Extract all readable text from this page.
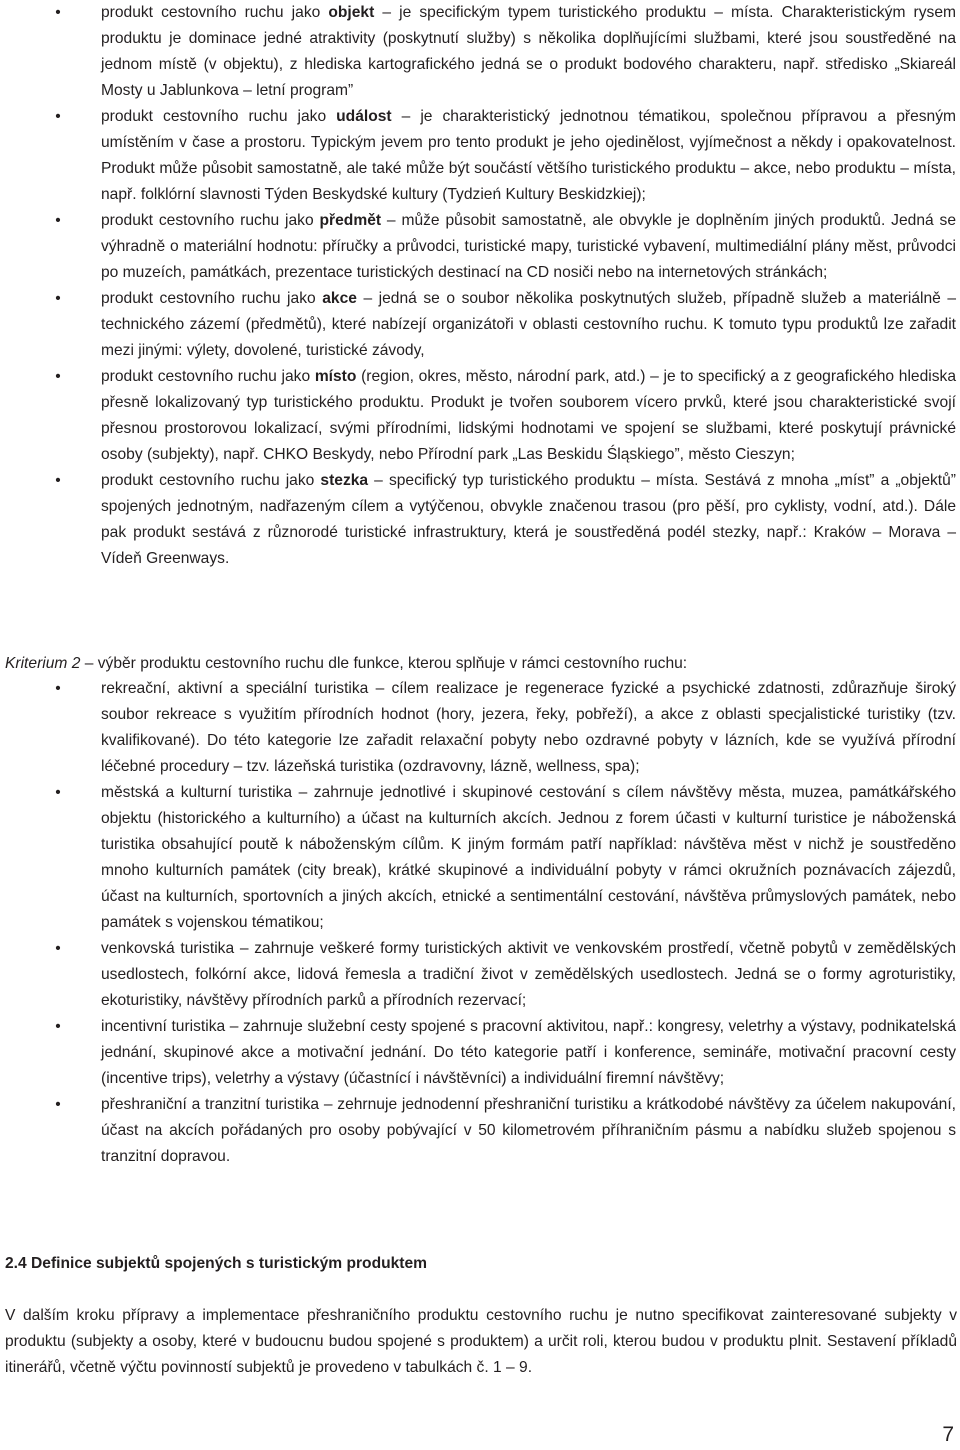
•	produkt cestovního ruchu jako objekt – je specifickým typem turistického produktu – místa. Charakteristickým rysem produktu je dominace jedné atraktivity (poskytnutí služby) s několika doplňujícími službami, které jsou soustředěné na jednom místě (v objektu), z hlediska kartografického jedná se o produkt bodového charakteru, např. středisko „Skiareál Mosty u Jablunkova – letní program”
•	produkt cestovního ruchu jako událost – je charakteristický jednotnou tématikou, společnou přípravou a přesným umístěním v čase a prostoru. Typickým jevem pro tento produkt je jeho ojedinělost, vyjímečnost a někdy i opakovatelnost. Produkt může působit samostatně, ale také může být součástí většího turistického produktu – akce, nebo produktu – místa, např. folklórní slavnosti Týden Beskydské kultury (Tydzień Kultury Beskidzkiej);
•	produkt cestovního ruchu jako předmět – může působit samostatně, ale obvykle je doplněním jiných produktů. Jedná se výhradně o materiální hodnotu: příručky a průvodci, turistické mapy, turistické vybavení, multimediální plány měst, průvodci po muzeích, památkách, prezentace turistických destinací na CD nosiči nebo na internetových stránkách;
•	produkt cestovního ruchu jako akce – jedná se o soubor několika poskytnutých služeb, případně služeb a materiálně – technického zázemí (předmětů), které nabízejí organizátoři v oblasti cestovního ruchu. K tomuto typu produktů lze zařadit mezi jinými: výlety, dovolené, turistické závody,
•	produkt cestovního ruchu jako místo (region, okres, město, národní park, atd.) – je to specifický a z geografického hlediska přesně lokalizovaný typ turistického produktu. Produkt je tvořen souborem vícero prvků, které jsou charakteristické svojí přesnou prostorovou lokalizací, svými přírodními, lidskými hodnotami ve spojení se službami, které poskytují právnické osoby (subjekty), např. CHKO Beskydy, nebo Přírodní park „Las Beskidu Śląskiego”, město Cieszyn;
•	produkt cestovního ruchu jako stezka – specifický typ turistického produktu – místa. Sestává z mnoha „míst” a „objektů” spojených jednotným, nadřazeným cílem a vytýčenou, obvykle značenou trasou (pro pěší, pro cyklisty, vodní, atd.). Dále pak produkt sestává z různorodé turistické infrastruktury, která je soustředěná podél stezky, např.: Kraków – Morava – Vídeň Greenways.

Kriterium 2 – výběr produktu cestovního ruchu dle funkce, kterou splňuje v rámci cestovního ruchu:

•	rekreační, aktivní a speciální turistika – cílem realizace je regenerace fyzické a psychické zdatnosti, zdůrazňuje široký soubor rekreace s využitím přírodních hodnot (hory, jezera, řeky, pobřeží), a akce z oblasti specjalistické turistiky (tzv. kvalifikované). Do této kategorie lze zařadit relaxační pobyty nebo ozdravné pobyty v lázních, kde se využívá přírodní léčebné procedury – tzv. lázeňská turistika (ozdravovny, lázně, wellness, spa);
•	městská a kulturní turistika – zahrnuje jednotlivé i skupinové cestování s cílem návštěvy města, muzea, památkářského objektu (historického a kulturního) a účast na kulturních akcích. Jednou z forem účasti v kulturní turistice je náboženská turistika obsahující poutě k náboženským cílům. K jiným formám patří například: návštěva měst v nichž je soustředěno mnoho kulturních památek (city break), krátké skupinové a individuální pobyty v rámci okružních poznávacích zájezdů, účast na kulturních, sportovních a jiných akcích, etnické a sentimentální cestování, návštěva průmyslových památek, nebo památek s vojenskou tématikou;
•	venkovská turistika – zahrnuje veškeré formy turistických aktivit ve venkovském prostředí, včetně pobytů v zemědělských usedlostech, folkórní akce, lidová řemesla a tradiční život v zemědělských usedlostech. Jedná se o formy agroturistiky, ekoturistiky, návštěvy přírodních parků a přírodních rezervací;
•	incentivní turistika – zahrnuje služební cesty spojené s pracovní aktivitou, např.: kongresy, veletrhy a výstavy, podnikatelská jednání, skupinové akce a motivační jednání. Do této kategorie patří i konference, semináře, motivační pracovní cesty (incentive trips), veletrhy a výstavy (účastnící i návštěvníci) a individuální firemní návštěvy;
•	přeshraniční a tranzitní turistika – zehrnuje jednodenní přeshraniční turistiku a krátkodobé návštěvy za účelem nakupování, účast na akcích pořádaných pro osoby pobývající v 50 kilometrovém příhraničním pásmu a nabídku služeb spojenou s tranzitní dopravou.
2.4 Definice subjektů spojených s turistickým produktem

V dalším kroku přípravy a implementace přeshraničního produktu cestovního ruchu je nutno specifikovat zainteresované subjekty v produktu (subjekty a osoby, které v budoucnu budou spojené s produktem) a určit roli, kterou budou v produktu plnit. Sestavení příkladů itinerářů, včetně výčtu povinností subjektů je provedeno v tabulkách č. 1 – 9.

7
